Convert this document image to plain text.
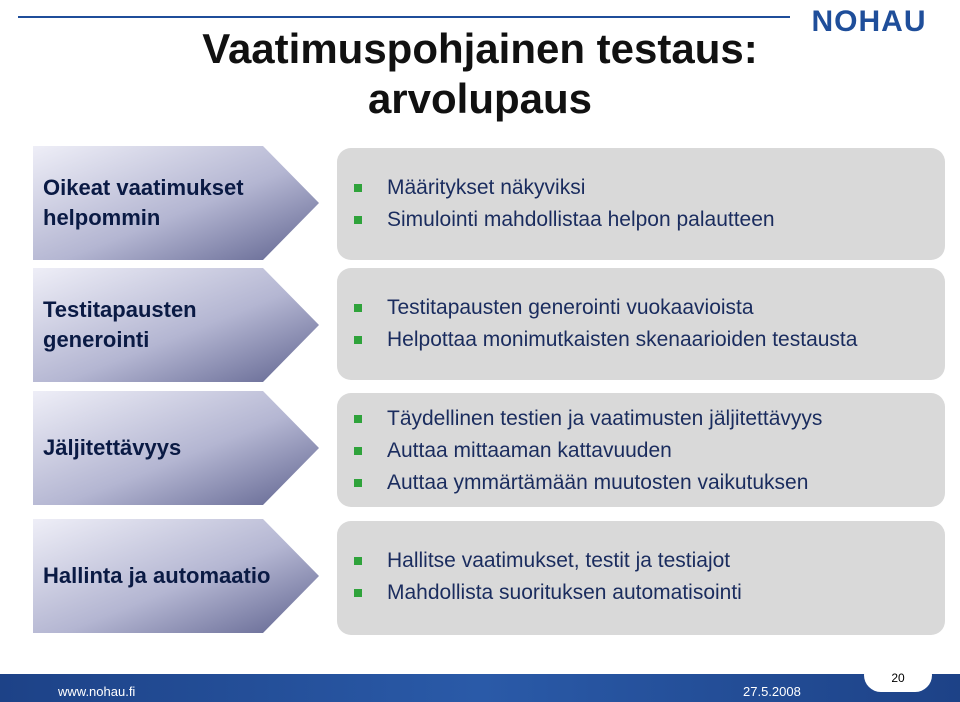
NOHAU
Vaatimuspohjainen testaus:
arvolupaus
Oikeat vaatimukset helpommin
Määritykset näkyviksi
Simulointi mahdollistaa helpon palautteen
Testitapausten generointi
Testitapausten generointi vuokaavioista
Helpottaa monimutkaisten skenaarioiden testausta
Jäljitettävyys
Täydellinen testien ja vaatimusten jäljitettävyys
Auttaa mittaaman kattavuuden
Auttaa ymmärtämään muutosten vaikutuksen
Hallinta ja automaatio
Hallitse vaatimukset, testit ja testiajot
Mahdollista suorituksen automatisointi
www.nohau.fi	27.5.2008
20
